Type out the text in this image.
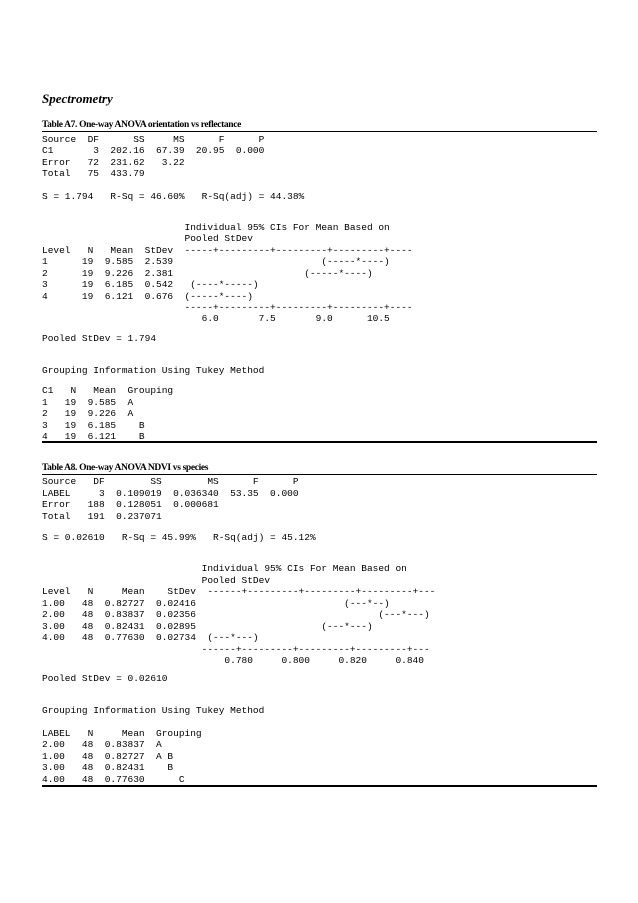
Spectrometry
Table A7. One-way ANOVA orientation vs reflectance
Source  DF      SS     MS      F      P
C1       3  202.16  67.39  20.95  0.000
Error   72  231.62   3.22
Total   75  433.79
S = 1.794   R-Sq = 46.60%   R-Sq(adj) = 44.38%
Individual 95% CIs For Mean Based on
Pooled StDev
Level   N   Mean  StDev  -----+---------+---------+---------+----
1      19  9.585  2.539                          (-----*----)
2      19  9.226  2.381                       (-----*----)
3      19  6.185  0.542   (----*-----)
4      19  6.121  0.676  (-----*----)
-----+---------+---------+---------+----
6.0       7.5       9.0      10.5
Pooled StDev = 1.794
Grouping Information Using Tukey Method
C1   N   Mean  Grouping
1   19  9.585  A
2   19  9.226  A
3   19  6.185    B
4   19  6.121    B
Table A8. One-way ANOVA NDVI vs species
Source   DF        SS        MS      F      P
LABEL     3  0.109019  0.036340  53.35  0.000
Error   188  0.128051  0.000681
Total   191  0.237071
S = 0.02610   R-Sq = 45.99%   R-Sq(adj) = 45.12%
Individual 95% CIs For Mean Based on
Pooled StDev
Level   N     Mean    StDev  ------+---------+---------+---------+---
1.00   48  0.82727  0.02416                          (---*--)
2.00   48  0.83837  0.02356                                (---*---)
3.00   48  0.82431  0.02895                      (---*---)
4.00   48  0.77630  0.02734  (---*---)
------+---------+---------+---------+---
0.780     0.800     0.820     0.840
Pooled StDev = 0.02610
Grouping Information Using Tukey Method
LABEL   N     Mean  Grouping
2.00   48  0.83837  A
1.00   48  0.82727  A B
3.00   48  0.82431    B
4.00   48  0.77630      C
